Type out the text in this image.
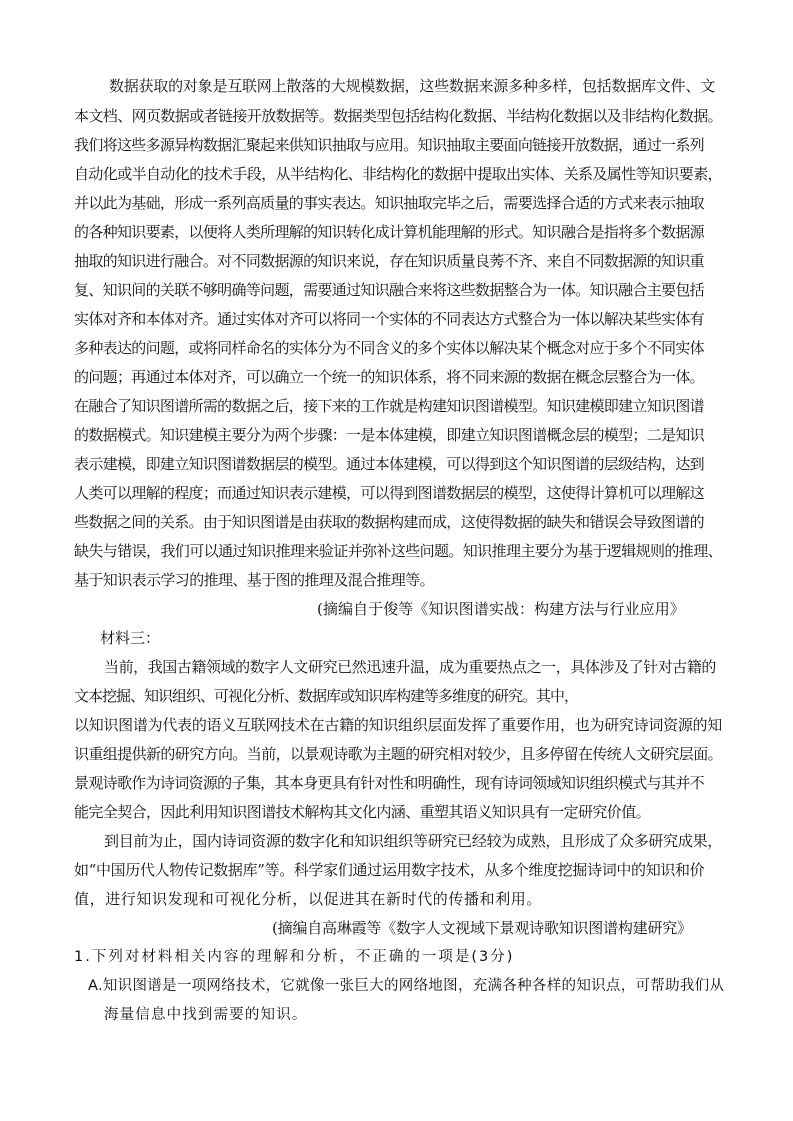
数据获取的对象是互联网上散落的大规模数据，这些数据来源多种多样，包括数据库文件、文
本文档、网页数据或者链接开放数据等。数据类型包括结构化数据、半结构化数据以及非结构化数据。
我们将这些多源异构数据汇聚起来供知识抽取与应用。知识抽取主要面向链接开放数据，通过一系列
自动化或半自动化的技术手段，从半结构化、非结构化的数据中提取出实体、关系及属性等知识要素，
并以此为基础，形成一系列高质量的事实表达。知识抽取完毕之后，需要选择合适的方式来表示抽取
的各种知识要素，以便将人类所理解的知识转化成计算机能理解的形式。知识融合是指将多个数据源
抽取的知识进行融合。对不同数据源的知识来说，存在知识质量良莠不齐、来自不同数据源的知识重
复、知识间的关联不够明确等问题，需要通过知识融合来将这些数据整合为一体。知识融合主要包括
实体对齐和本体对齐。通过实体对齐可以将同一个实体的不同表达方式整合为一体以解决某些实体有
多种表达的问题，或将同样命名的实体分为不同含义的多个实体以解决某个概念对应于多个不同实体
的问题；再通过本体对齐，可以确立一个统一的知识体系，将不同来源的数据在概念层整合为一体。
在融合了知识图谱所需的数据之后，接下来的工作就是构建知识图谱模型。知识建模即建立知识图谱
的数据模式。知识建模主要分为两个步骤：一是本体建模，即建立知识图谱概念层的模型；二是知识
表示建模，即建立知识图谱数据层的模型。通过本体建模，可以得到这个知识图谱的层级结构，达到
人类可以理解的程度；而通过知识表示建模，可以得到图谱数据层的模型，这使得计算机可以理解这
些数据之间的关系。由于知识图谱是由获取的数据构建而成，这使得数据的缺失和错误会导致图谱的
缺失与错误，我们可以通过知识推理来验证并弥补这些问题。知识推理主要分为基于逻辑规则的推理、
基于知识表示学习的推理、基于图的推理及混合推理等。
(摘编自于俊等《知识图谱实战：构建方法与行业应用》
材料三：
当前，我国古籍领域的数字人文研究已然迅速升温，成为重要热点之一，具体涉及了针对古籍的
文本挖掘、知识组织、可视化分析、数据库或知识库构建等多维度的研究。其中，
以知识图谱为代表的语义互联网技术在古籍的知识组织层面发挥了重要作用，也为研究诗词资源的知
识重组提供新的研究方向。当前，以景观诗歌为主题的研究相对较少，且多停留在传统人文研究层面。
景观诗歌作为诗词资源的子集，其本身更具有针对性和明确性，现有诗词领域知识组织模式与其并不
能完全契合，因此利用知识图谱技术解构其文化内涵、重塑其语义知识具有一定研究价值。
到目前为止，国内诗词资源的数字化和知识组织等研究已经较为成熟，且形成了众多研究成果，
如“中国历代人物传记数据库”等。科学家们通过运用数字技术，从多个维度挖掘诗词中的知识和价
值，进行知识发现和可视化分析，以促进其在新时代的传播和利用。
(摘编自高琳霞等《数字人文视域下景观诗歌知识图谱构建研究》
1.下列对材料相关内容的理解和分析，不正确的一项是(3分)
A.知识图谱是一项网络技术，它就像一张巨大的网络地图，充满各种各样的知识点，可帮助我们从
海量信息中找到需要的知识。
